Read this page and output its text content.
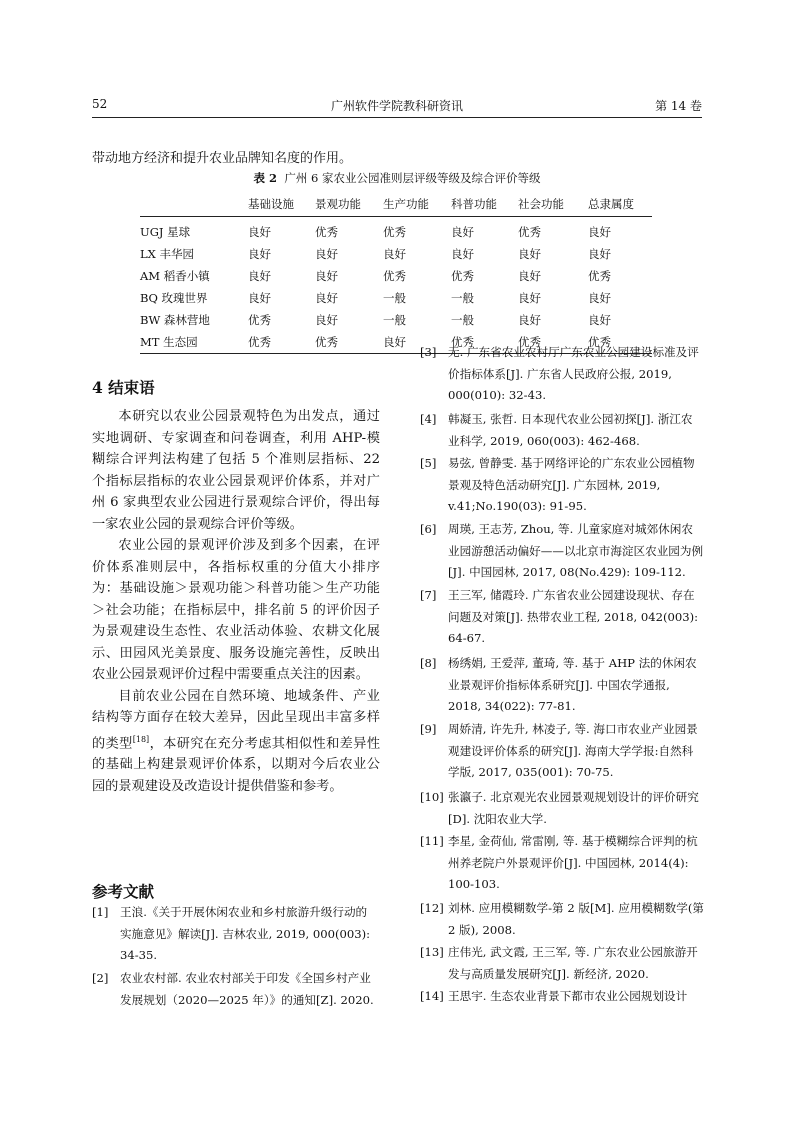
52	广州软件学院教科研资讯	第 14 卷
带动地方经济和提升农业品牌知名度的作用。
表 2 广州 6 家农业公园准则层评级等级及综合评价等级
	基础设施	景观功能	生产功能	科普功能	社会功能	总隶属度
UGJ 星球	良好	优秀	优秀	良好	优秀	良好
LX 丰华园	良好	良好	良好	良好	良好	良好
AM 稻香小镇	良好	良好	优秀	优秀	良好	优秀
BQ 玫瑰世界	良好	良好	一般	一般	良好	良好
BW 森林营地	优秀	良好	一般	一般	良好	良好
MT 生态园	优秀	优秀	良好	优秀	优秀	优秀
4 结束语

本研究以农业公园景观特色为出发点，通过实地调研、专家调查和问卷调查，利用 AHP-模糊综合评判法构建了包括 5 个准则层指标、22 个指标层指标的农业公园景观评价体系，并对广州 6 家典型农业公园进行景观综合评价，得出每一家农业公园的景观综合评价等级。

农业公园的景观评价涉及到多个因素，在评价体系准则层中，各指标权重的分值大小排序为：基础设施＞景观功能＞科普功能＞生产功能＞社会功能；在指标层中，排名前 5 的评价因子为景观建设生态性、农业活动体验、农耕文化展示、田园风光美景度、服务设施完善性，反映出农业公园景观评价过程中需要重点关注的因素。

目前农业公园在自然环境、地域条件、产业结构等方面存在较大差异，因此呈现出丰富多样的类型[18]，本研究在充分考虑其相似性和差异性的基础上构建景观评价体系，以期对今后农业公园的景观建设及改造设计提供借鉴和参考。

参考文献
[1] 王浪.《关于开展休闲农业和乡村旅游升级行动的实施意见》解读[J]. 吉林农业, 2019, 000(003): 34-35.
[2] 农业农村部. 农业农村部关于印发《全国乡村产业发展规划（2020—2025 年）》的通知[Z]. 2020.
[3] 无. 广东省农业农村厅广东农业公园建设标准及评价指标体系[J]. 广东省人民政府公报, 2019, 000(010): 32-43.
[4] 韩凝玉, 张哲. 日本现代农业公园初探[J]. 浙江农业科学, 2019, 060(003): 462-468.
[5] 易弦, 曾静雯. 基于网络评论的广东农业公园植物景观及特色活动研究[J]. 广东园林, 2019, v.41;No.190(03): 91-95.
[6] 周瑛, 王志芳, Zhou, 等. 儿童家庭对城郊休闲农业园游憩活动偏好——以北京市海淀区农业园为例[J]. 中国园林, 2017, 08(No.429): 109-112.
[7] 王三军, 储霞玲. 广东省农业公园建设现状、存在问题及对策[J]. 热带农业工程, 2018, 042(003): 64-67.
[8] 杨绣娟, 王爱萍, 董琦, 等. 基于 AHP 法的休闲农业景观评价指标体系研究[J]. 中国农学通报, 2018, 34(022): 77-81.
[9] 周娇清, 许先升, 林凌子, 等. 海口市农业产业园景观建设评价体系的研究[J]. 海南大学学报:自然科学版, 2017, 035(001): 70-75.
[10] 张瀛子. 北京观光农业园景观规划设计的评价研究[D]. 沈阳农业大学.
[11] 李星, 金荷仙, 常雷刚, 等. 基于模糊综合评判的杭州养老院户外景观评价[J]. 中国园林, 2014(4): 100-103.
[12] 刘林. 应用模糊数学-第 2 版[M]. 应用模糊数学(第 2 版), 2008.
[13] 庄伟光, 武文霞, 王三军, 等. 广东农业公园旅游开发与高质量发展研究[J]. 新经济, 2020.
[14] 王思宇. 生态农业背景下都市农业公园规划设计
